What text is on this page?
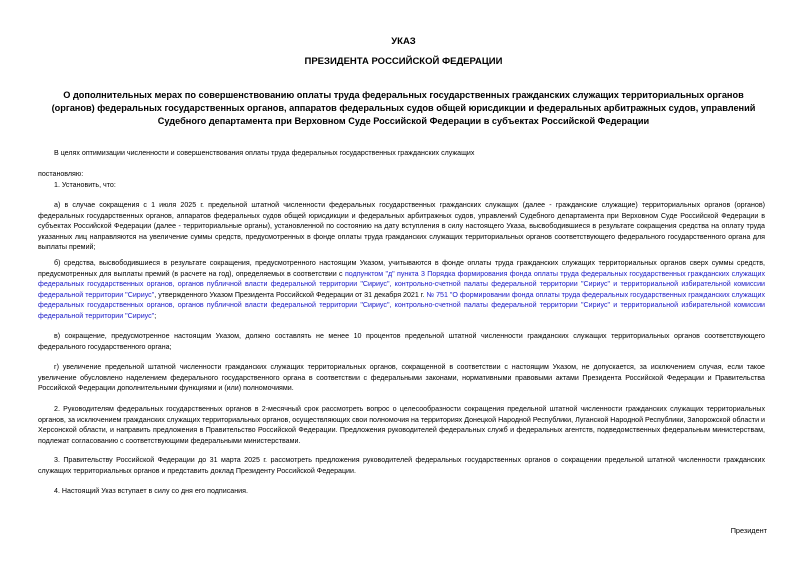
УКАЗ
ПРЕЗИДЕНТА РОССИЙСКОЙ ФЕДЕРАЦИИ
О дополнительных мерах по совершенствованию оплаты труда федеральных государственных гражданских служащих территориальных органов (органов) федеральных государственных органов, аппаратов федеральных судов общей юрисдикции и федеральных арбитражных судов, управлений Судебного департамента при Верховном Суде Российской Федерации в субъектах Российской Федерации
В целях оптимизации численности и совершенствования оплаты труда федеральных государственных гражданских служащих
постановляю:
1. Установить, что:
а) в случае сокращения с 1 июля 2025 г. предельной штатной численности федеральных государственных гражданских служащих (далее - гражданские служащие) территориальных органов (органов) федеральных государственных органов, аппаратов федеральных судов общей юрисдикции и федеральных арбитражных судов, управлений Судебного департамента при Верховном Суде Российской Федерации в субъектах Российской Федерации (далее - территориальные органы), установленной по состоянию на дату вступления в силу настоящего Указа, высвободившиеся в результате сокращения средства на оплату труда указанных лиц направляются на увеличение суммы средств, предусмотренных в фонде оплаты труда гражданских служащих территориальных органов соответствующего федерального государственного органа для выплаты премий;
б) средства, высвободившиеся в результате сокращения, предусмотренного настоящим Указом, учитываются в фонде оплаты труда гражданских служащих территориальных органов сверх суммы средств, предусмотренных для выплаты премий (в расчете на год), определяемых в соответствии с подпунктом "д" пункта 3 Порядка формирования фонда оплаты труда федеральных государственных гражданских служащих федеральных государственных органов, органов публичной власти федеральной территории "Сириус", контрольно-счетной палаты федеральной территории "Сириус" и территориальной избирательной комиссии федеральной территории "Сириус", утвержденного Указом Президента Российской Федерации от 31 декабря 2021 г. № 751 "О формировании фонда оплаты труда федеральных государственных гражданских служащих федеральных государственных органов, органов публичной власти федеральной территории "Сириус", контрольно-счетной палаты федеральной территории "Сириус" и территориальной избирательной комиссии федеральной территории "Сириус";
в) сокращение, предусмотренное настоящим Указом, должно составлять не менее 10 процентов предельной штатной численности гражданских служащих территориальных органов соответствующего федерального государственного органа;
г) увеличение предельной штатной численности гражданских служащих территориальных органов, сокращенной в соответствии с настоящим Указом, не допускается, за исключением случая, если такое увеличение обусловлено наделением федерального государственного органа в соответствии с федеральными законами, нормативными правовыми актами Президента Российской Федерации и Правительства Российской Федерации дополнительными функциями и (или) полномочиями.
2. Руководителям федеральных государственных органов в 2-месячный срок рассмотреть вопрос о целесообразности сокращения предельной штатной численности гражданских служащих территориальных органов, за исключением гражданских служащих территориальных органов, осуществляющих свои полномочия на территориях Донецкой Народной Республики, Луганской Народной Республики, Запорожской области и Херсонской области, и направить предложения в Правительство Российской Федерации. Предложения руководителей федеральных служб и федеральных агентств, подведомственных федеральным министерствам, подлежат согласованию с соответствующими федеральными министерствами.
3. Правительству Российской Федерации до 31 марта 2025 г. рассмотреть предложения руководителей федеральных государственных органов о сокращении предельной штатной численности гражданских служащих территориальных органов и представить доклад Президенту Российской Федерации.
4. Настоящий Указ вступает в силу со дня его подписания.
Президент
